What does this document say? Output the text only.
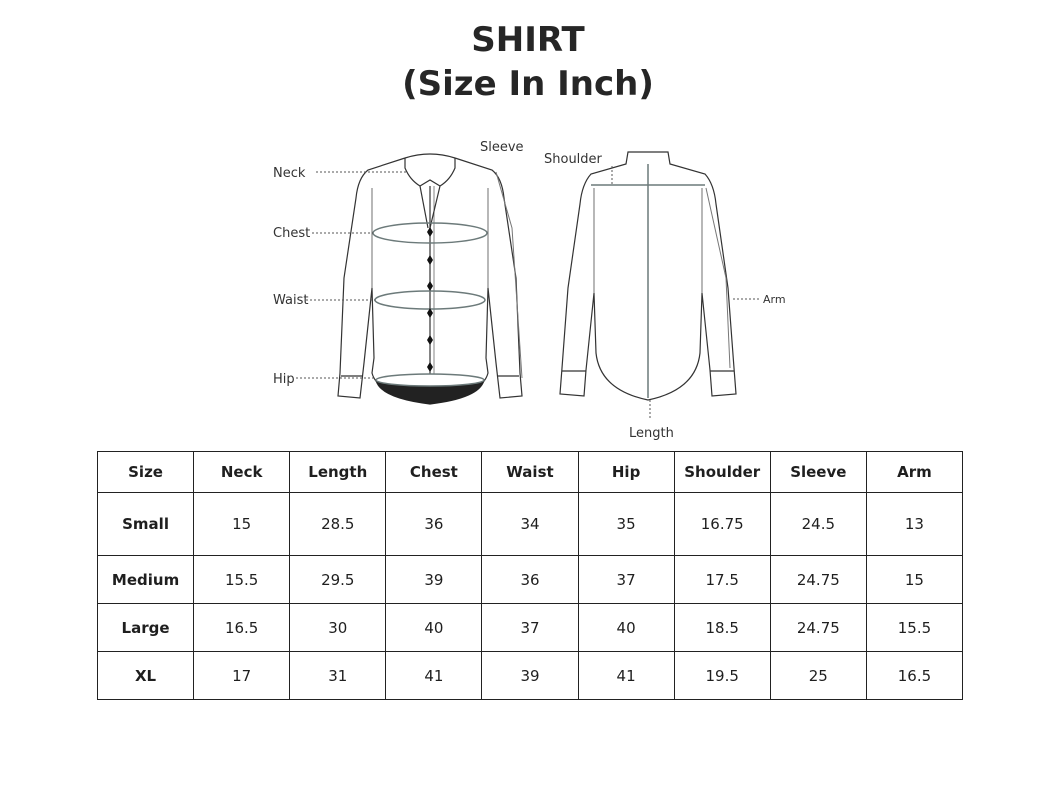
SHIRT
(Size In Inch)
Neck
Chest
Waist
Hip
Sleeve
Shoulder
Arm
Length
Size	Neck	Length	Chest	Waist	Hip	Shoulder	Sleeve	Arm
Small	15	28.5	36	34	35	16.75	24.5	13
Medium	15.5	29.5	39	36	37	17.5	24.75	15
Large	16.5	30	40	37	40	18.5	24.75	15.5
XL	17	31	41	39	41	19.5	25	16.5
